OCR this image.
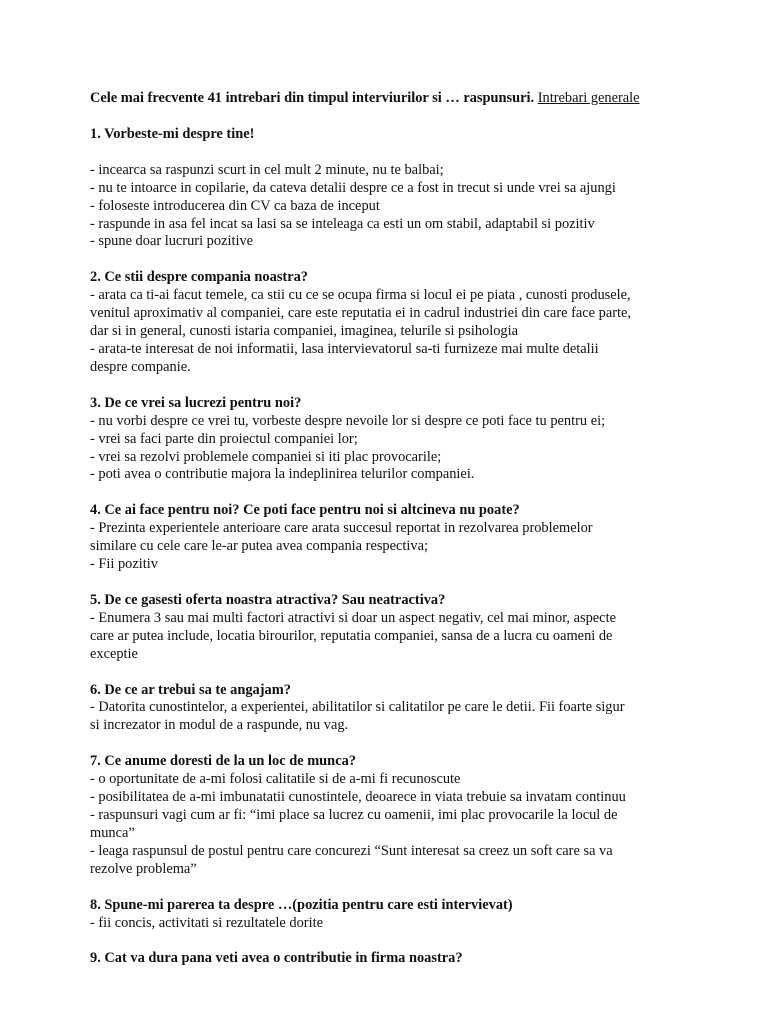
Cele mai frecvente 41 intrebari din timpul interviurilor si … raspunsuri. Intrebari generale

1. Vorbeste-mi despre tine!

- incearca sa raspunzi scurt in cel mult 2 minute, nu te balbai;

- nu te intoarce in copilarie, da cateva detalii despre ce a fost in trecut si unde vrei sa ajungi

- foloseste introducerea din CV ca baza de inceput

- raspunde in asa fel incat sa lasi sa se inteleaga ca esti un om stabil, adaptabil si pozitiv

- spune doar lucruri pozitive

2. Ce stii despre compania noastra?

- arata ca ti-ai facut temele, ca stii cu ce se ocupa firma si locul ei pe piata , cunosti produsele,

venitul aproximativ al companiei, care este reputatia ei in cadrul industriei din care face parte,

dar si in general, cunosti istaria companiei, imaginea, telurile si psihologia

- arata-te interesat de noi informatii, lasa intervievatorul sa-ti furnizeze mai multe detalii

despre companie.

3. De ce vrei sa lucrezi pentru noi?

- nu vorbi despre ce vrei tu, vorbeste despre nevoile lor si despre ce poti face tu pentru ei;

- vrei sa faci parte din proiectul companiei lor;

- vrei sa rezolvi problemele companiei si iti plac provocarile;

- poti avea o contributie majora la indeplinirea telurilor companiei.

4. Ce ai face pentru noi? Ce poti face pentru noi si altcineva nu poate?

- Prezinta experientele anterioare care arata succesul reportat in rezolvarea problemelor

similare cu cele care le-ar putea avea compania respectiva;

- Fii pozitiv

5. De ce gasesti oferta noastra atractiva? Sau neatractiva?

- Enumera 3 sau mai multi factori atractivi si doar un aspect negativ, cel mai minor, aspecte

care ar putea include, locatia birourilor, reputatia companiei, sansa de a lucra cu oameni de

exceptie

6. De ce ar trebui sa te angajam?

- Datorita cunostintelor, a experientei, abilitatilor si calitatilor pe care le detii. Fii foarte sigur

si increzator in modul de a raspunde, nu vag.

7. Ce anume doresti de la un loc de munca?

- o oportunitate de a-mi folosi calitatile si de a-mi fi recunoscute

- posibilitatea de a-mi imbunatatii cunostintele, deoarece in viata trebuie sa invatam continuu

- raspunsuri vagi cum ar fi: “imi place sa lucrez cu oamenii, imi plac provocarile la locul de

munca”

- leaga raspunsul de postul pentru care concurezi “Sunt interesat sa creez un soft care sa va

rezolve problema”

8. Spune-mi parerea ta despre …(pozitia pentru care esti intervievat)

- fii concis, activitati si rezultatele dorite

9. Cat va dura pana veti avea o contributie in firma noastra?
